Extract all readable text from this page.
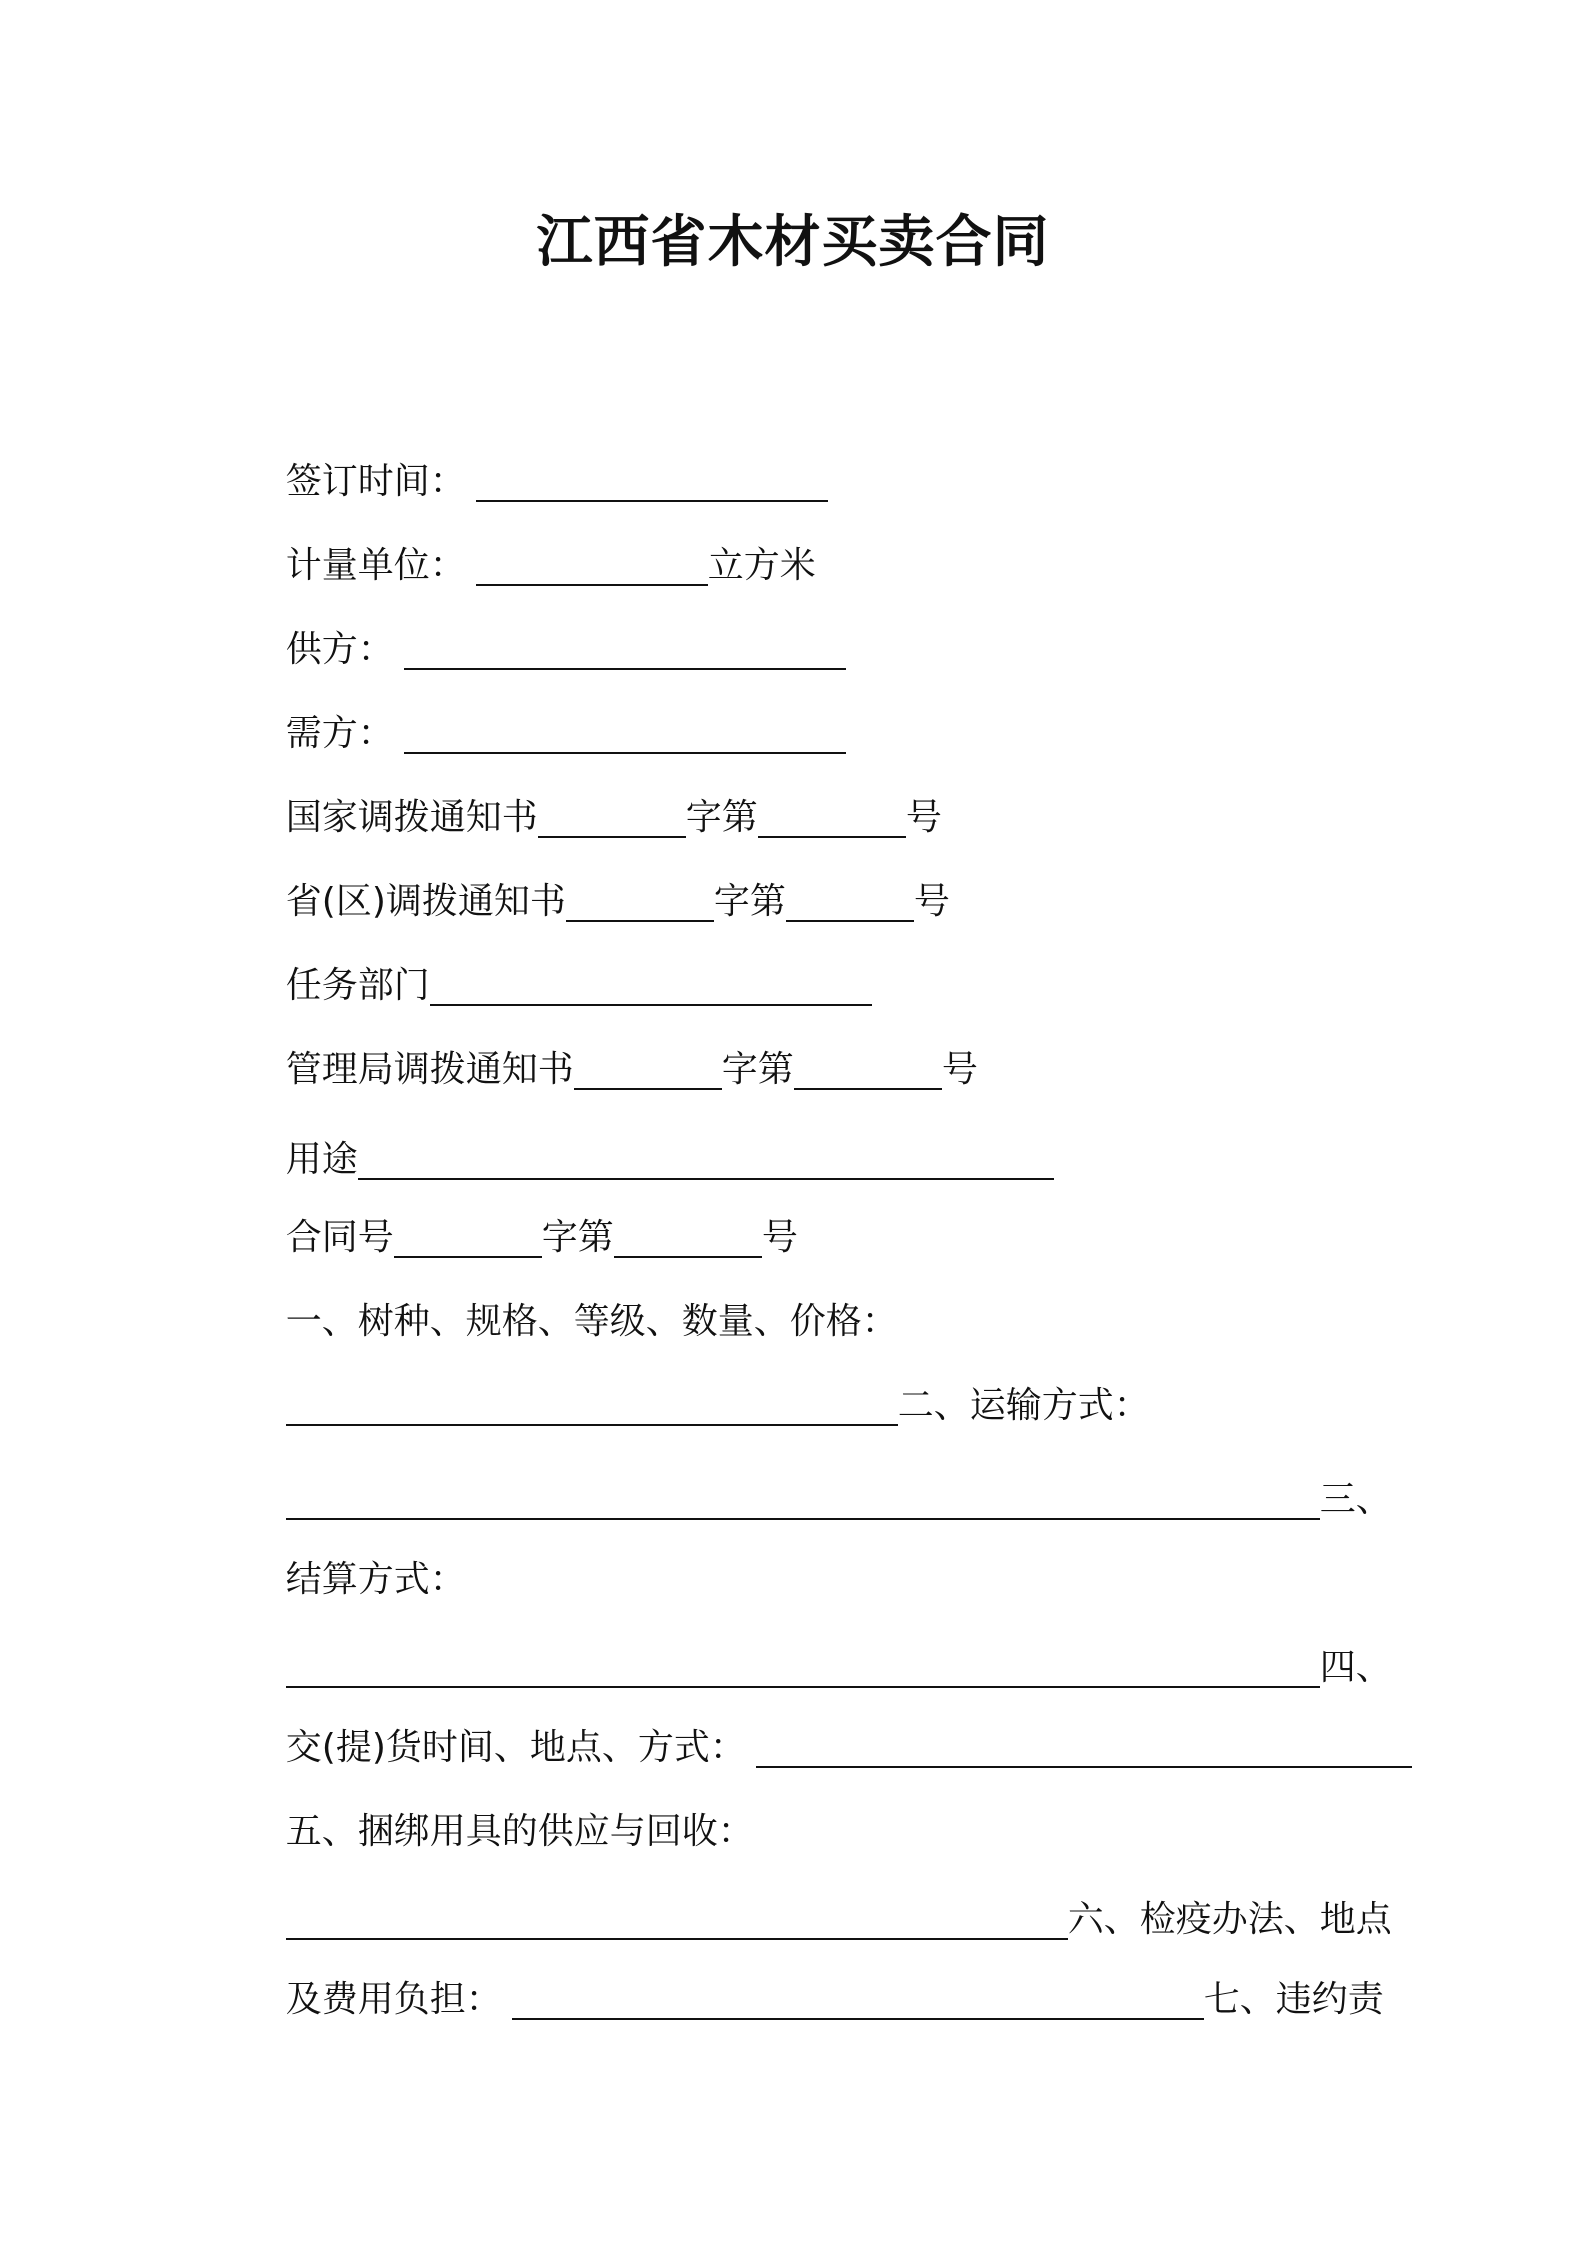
江西省木材买卖合同

签订时间：

计量单位：	立方米

供方：

需方：

国家调拨通知书	字第	号

省(区)调拨通知书	字第	号

任务部门

管理局调拨通知书	字第	号

用途

合同号	字第	号

一、树种、规格、等级、数量、价格：

二、运输方式：

三、

结算方式：

四、

交(提)货时间、地点、方式：

五、捆绑用具的供应与回收：

六、检疫办法、地点

及费用负担：	七、违约责
